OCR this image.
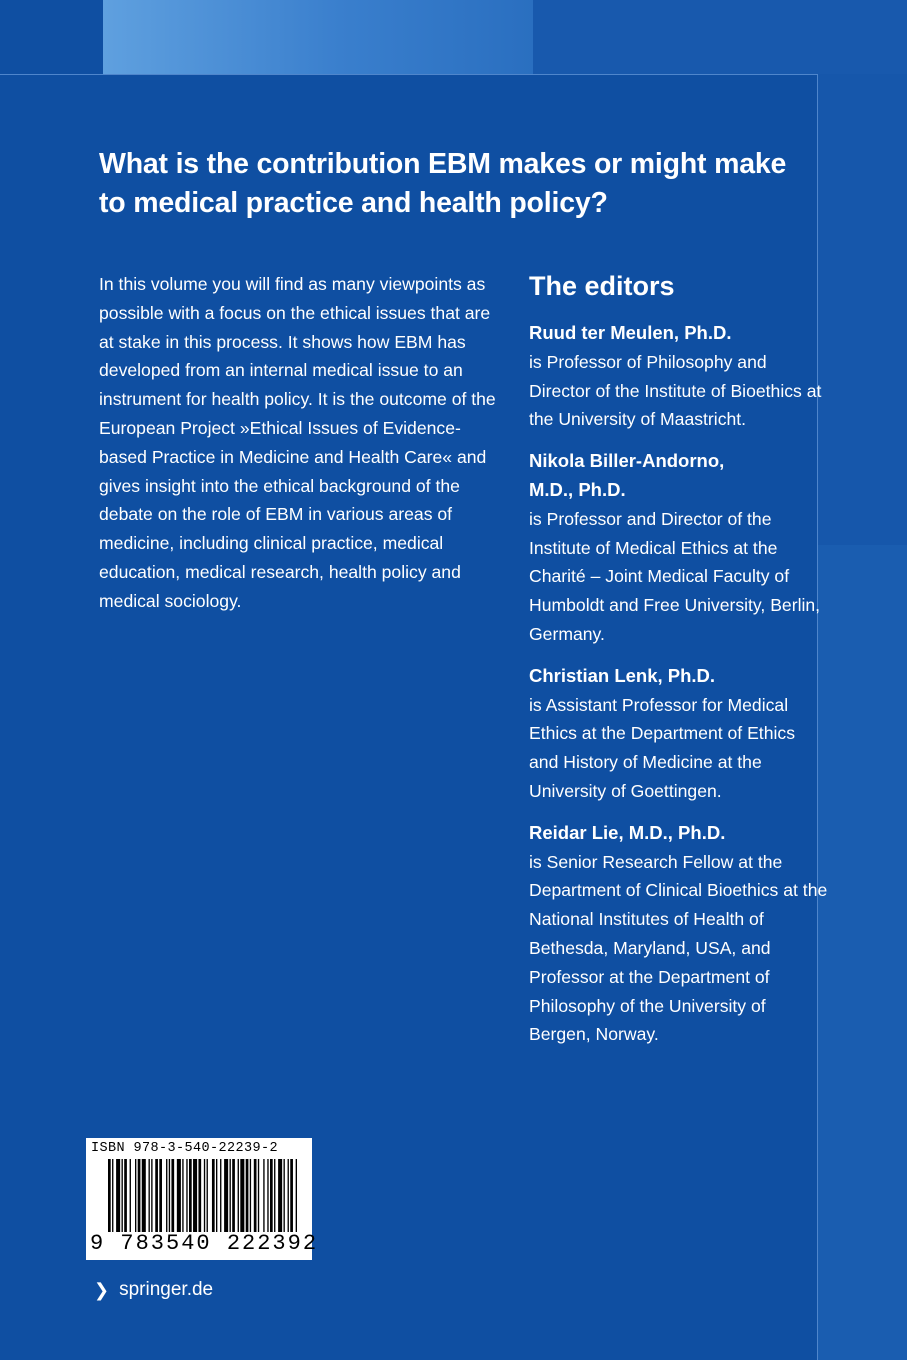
What is the contribution EBM makes or might make to medical practice and health policy?

In this volume you will find as many viewpoints as possible with a focus on the ethical issues that are at stake in this process. It shows how EBM has developed from an internal medical issue to an instrument for health policy. It is the outcome of the European Project »Ethical Issues of Evidence-based Practice in Medicine and Health Care« and gives insight into the ethical background of the debate on the role of EBM in various areas of medicine, including clinical practice, medical education, medical research, health policy and medical sociology.

The editors

Ruud ter Meulen, Ph.D.

is Professor of Philosophy and Director of the Institute of Bioethics at the University of Maastricht.

Nikola Biller-Andorno, M.D., Ph.D.

is Professor and Director of the Institute of Medical Ethics at the Charité – Joint Medical Faculty of Humboldt and Free University, Berlin, Germany.

Christian Lenk, Ph.D.

is Assistant Professor for Medical Ethics at the Department of Ethics and History of Medicine at the University of Goettingen.

Reidar Lie, M.D., Ph.D.

is Senior Research Fellow at the Department of Clinical Bioethics at the National Institutes of Health of Bethesda, Maryland, USA, and Professor at the Department of Philosophy of the University of Bergen, Norway.

ISBN 978-3-540-22239-2
9 783540 222392
❯ springer.de
